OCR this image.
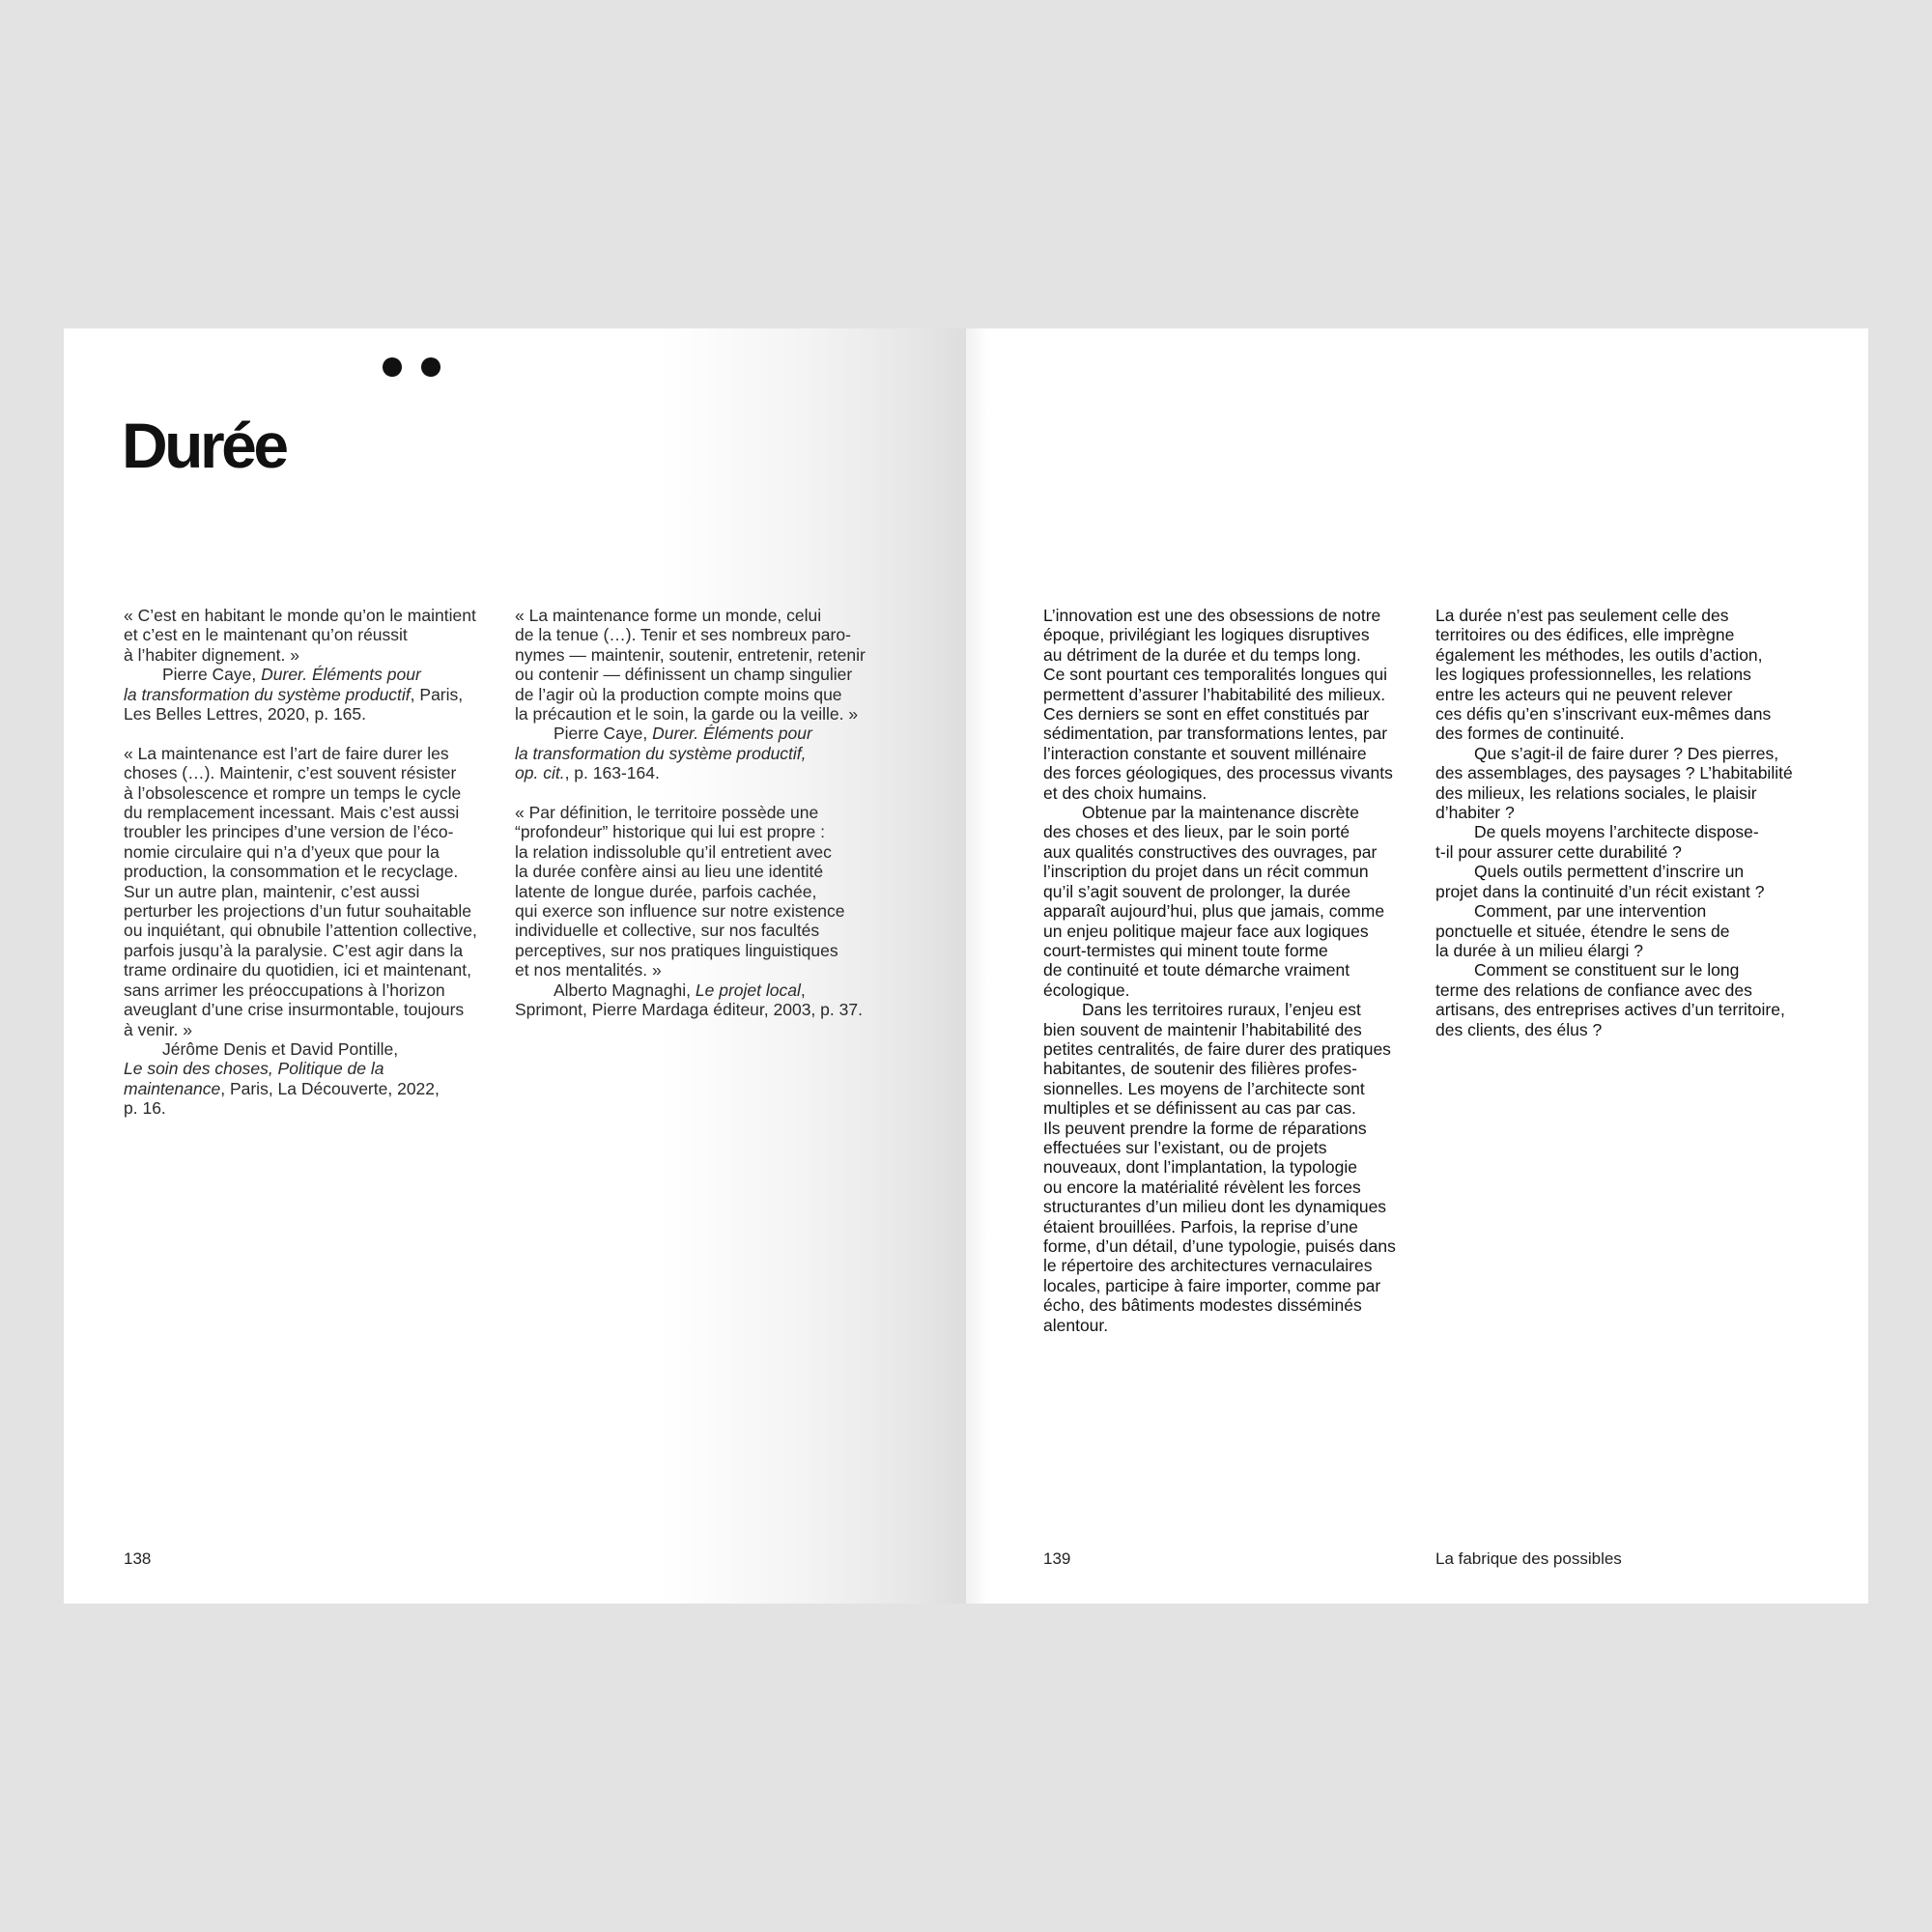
Durée

« C’est en habitant le monde qu’on le maintient
et c’est en le maintenant qu’on réussit
à l’habiter dignement. »

Pierre Caye, Durer. Éléments pour
la transformation du système productif, Paris,
Les Belles Lettres, 2020, p. 165.

« La maintenance est l’art de faire durer les
choses (…). Maintenir, c’est souvent résister
à l’obsolescence et rompre un temps le cycle
du remplacement incessant. Mais c’est aussi
troubler les principes d’une version de l’éco-
nomie circulaire qui n’a d’yeux que pour la
production, la consommation et le recyclage.
Sur un autre plan, maintenir, c’est aussi
perturber les projections d’un futur souhaitable
ou inquiétant, qui obnubile l’attention collective,
parfois jusqu’à la paralysie. C’est agir dans la
trame ordinaire du quotidien, ici et maintenant,
sans arrimer les préoccupations à l’horizon
aveuglant d’une crise insurmontable, toujours
à venir. »

Jérôme Denis et David Pontille,
Le soin des choses, Politique de la
maintenance, Paris, La Découverte, 2022,
p. 16.

« La maintenance forme un monde, celui
de la tenue (…). Tenir et ses nombreux paro-
nymes — maintenir, soutenir, entretenir, retenir
ou contenir — définissent un champ singulier
de l’agir où la production compte moins que
la précaution et le soin, la garde ou la veille. »

Pierre Caye, Durer. Éléments pour
la transformation du système productif,
op. cit., p. 163-164.

« Par définition, le territoire possède une
“profondeur” historique qui lui est propre :
la relation indissoluble qu’il entretient avec
la durée confère ainsi au lieu une identité
latente de longue durée, parfois cachée,
qui exerce son influence sur notre existence
individuelle et collective, sur nos facultés
perceptives, sur nos pratiques linguistiques
et nos mentalités. »

Alberto Magnaghi, Le projet local,
Sprimont, Pierre Mardaga éditeur, 2003, p. 37.

138

L’innovation est une des obsessions de notre
époque, privilégiant les logiques disruptives
au détriment de la durée et du temps long.
Ce sont pourtant ces temporalités longues qui
permettent d’assurer l’habitabilité des milieux.
Ces derniers se sont en effet constitués par
sédimentation, par transformations lentes, par
l’interaction constante et souvent millénaire
des forces géologiques, des processus vivants
et des choix humains.

Obtenue par la maintenance discrète
des choses et des lieux, par le soin porté
aux qualités constructives des ouvrages, par
l’inscription du projet dans un récit commun
qu’il s’agit souvent de prolonger, la durée
apparaît aujourd’hui, plus que jamais, comme
un enjeu politique majeur face aux logiques
court-termistes qui minent toute forme
de continuité et toute démarche vraiment
écologique.

Dans les territoires ruraux, l’enjeu est
bien souvent de maintenir l’habitabilité des
petites centralités, de faire durer des pratiques
habitantes, de soutenir des filières profes-
sionnelles. Les moyens de l’architecte sont
multiples et se définissent au cas par cas.
Ils peuvent prendre la forme de réparations
effectuées sur l’existant, ou de projets
nouveaux, dont l’implantation, la typologie
ou encore la matérialité révèlent les forces
structurantes d’un milieu dont les dynamiques
étaient brouillées. Parfois, la reprise d’une
forme, d’un détail, d’une typologie, puisés dans
le répertoire des architectures vernaculaires
locales, participe à faire importer, comme par
écho, des bâtiments modestes disséminés
alentour.

La durée n’est pas seulement celle des
territoires ou des édifices, elle imprègne
également les méthodes, les outils d’action,
les logiques professionnelles, les relations
entre les acteurs qui ne peuvent relever
ces défis qu’en s’inscrivant eux-mêmes dans
des formes de continuité.

Que s’agit-il de faire durer ? Des pierres,
des assemblages, des paysages ? L’habitabilité
des milieux, les relations sociales, le plaisir
d’habiter ?

De quels moyens l’architecte dispose-
t-il pour assurer cette durabilité ?

Quels outils permettent d’inscrire un
projet dans la continuité d’un récit existant ?

Comment, par une intervention
ponctuelle et située, étendre le sens de
la durée à un milieu élargi ?

Comment se constituent sur le long
terme des relations de confiance avec des
artisans, des entreprises actives d’un territoire,
des clients, des élus ?

139	La fabrique des possibles
